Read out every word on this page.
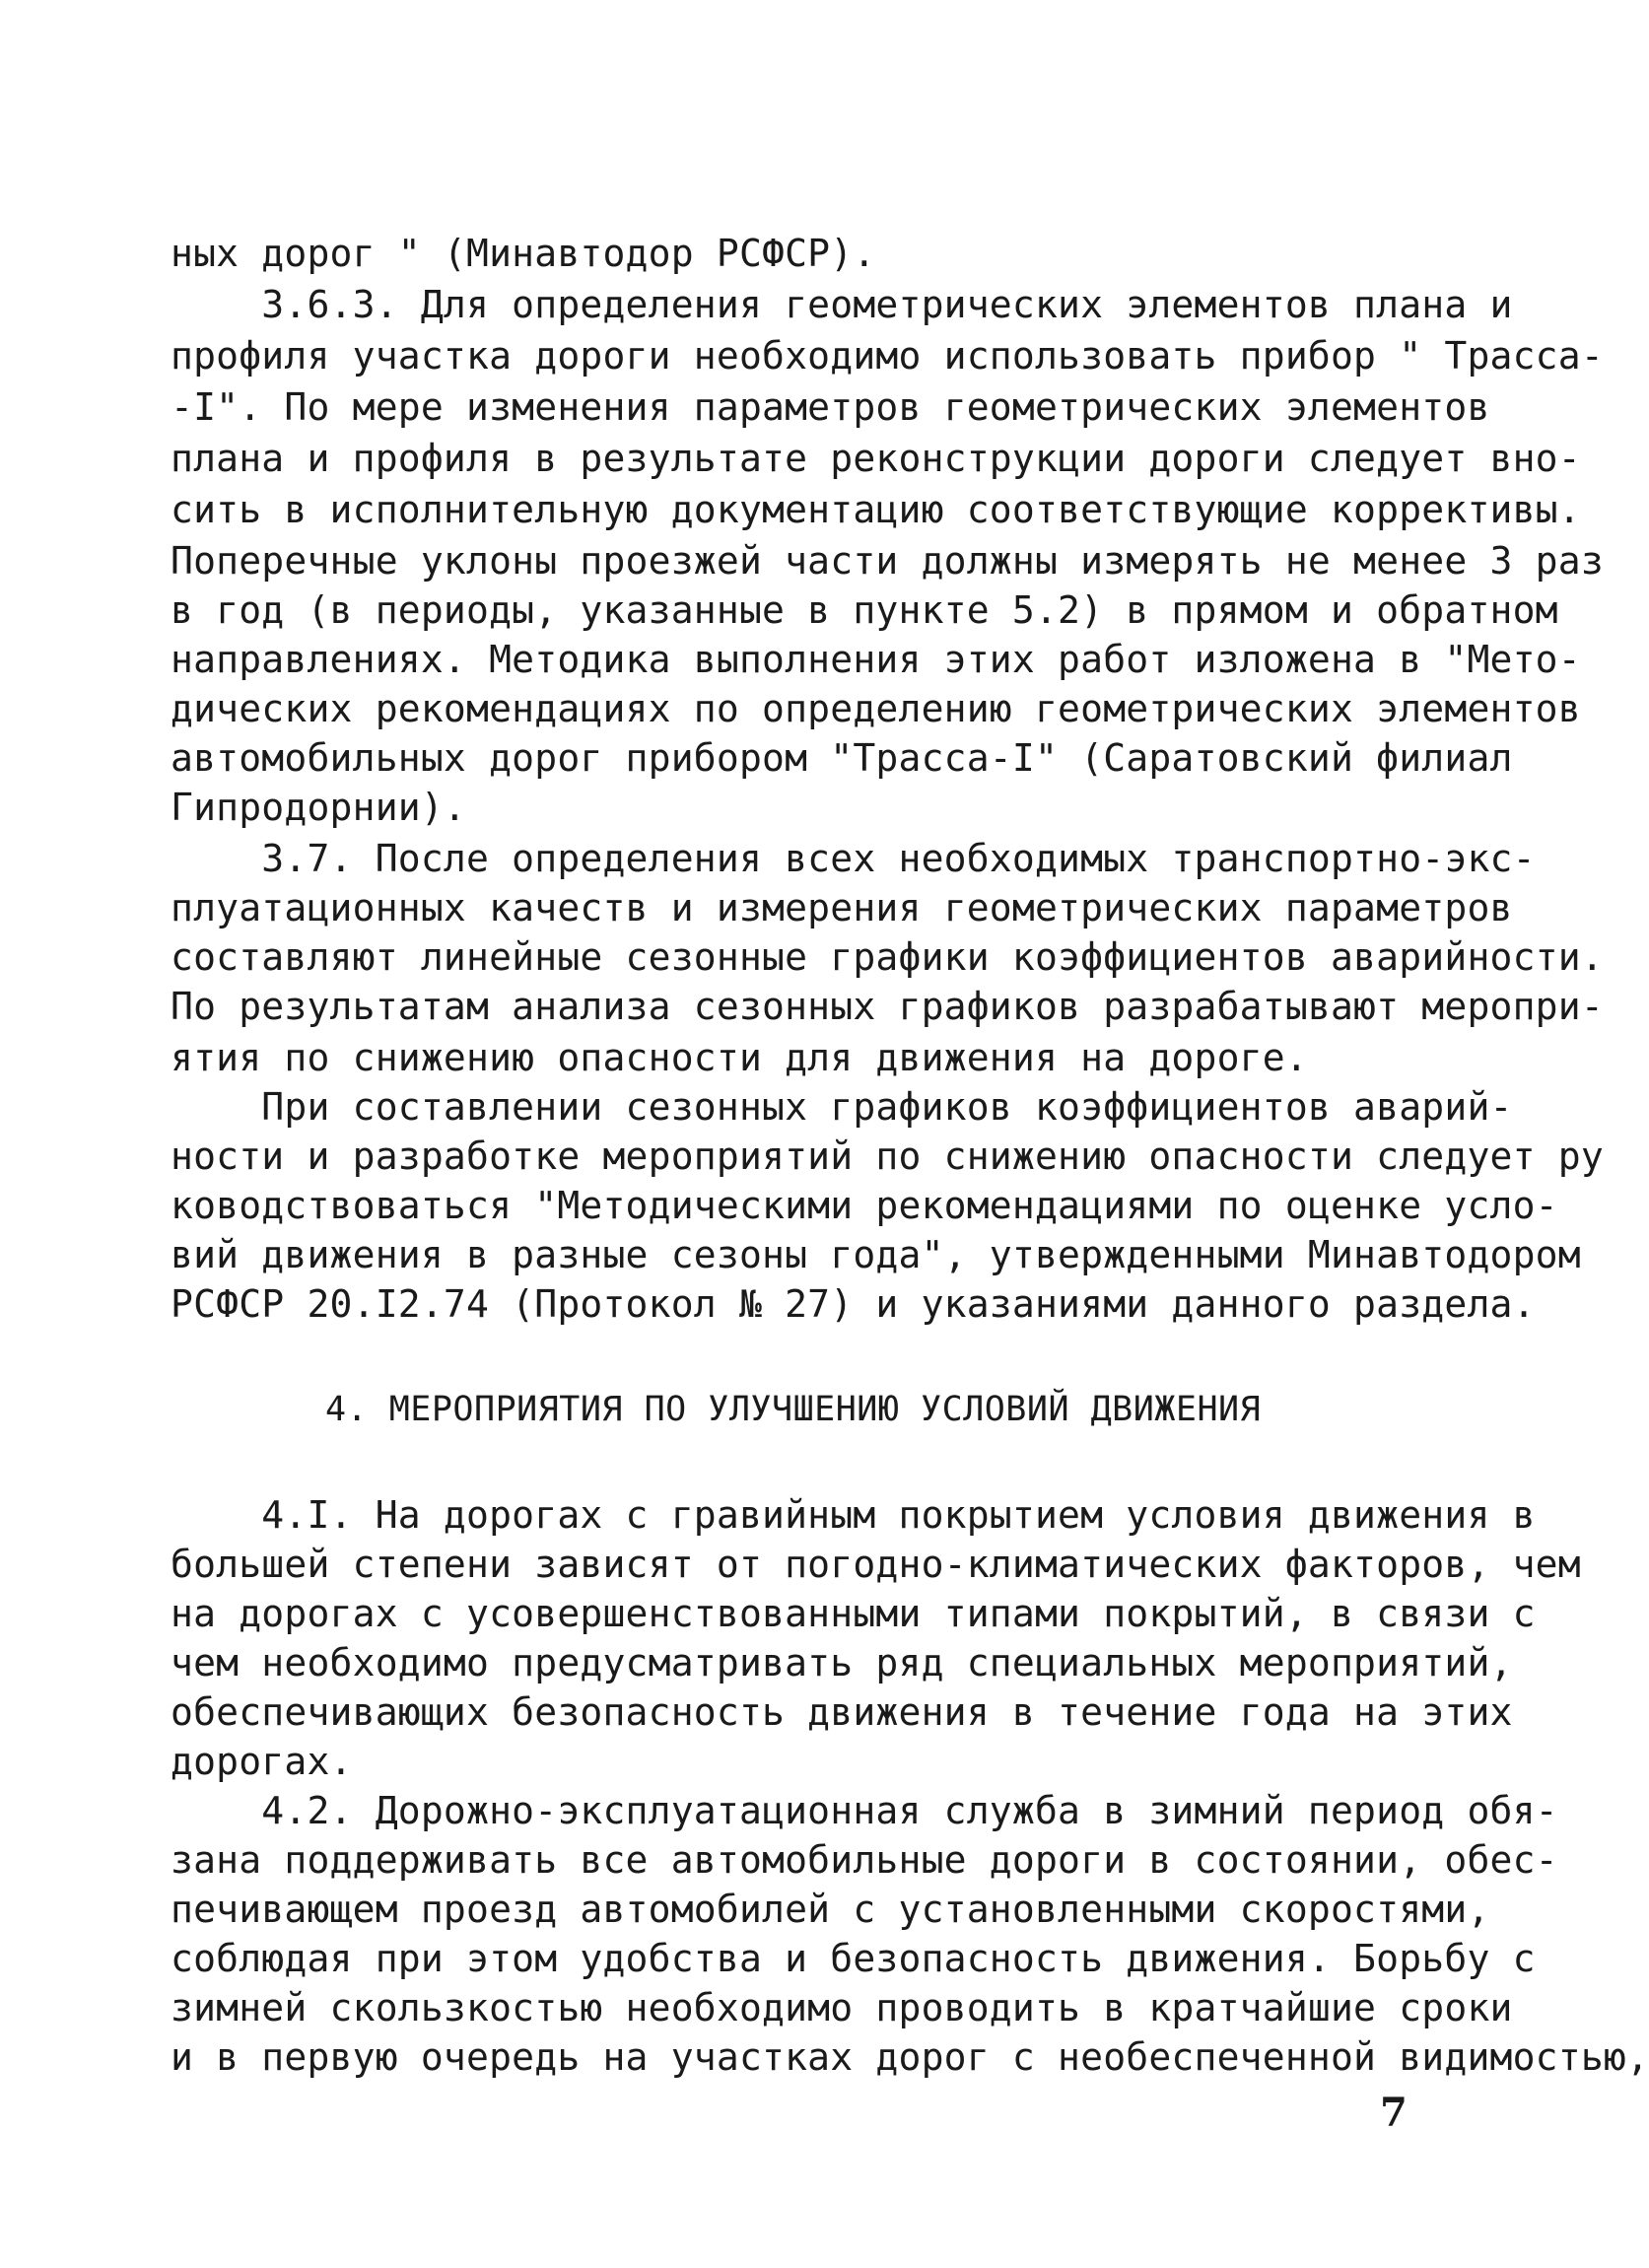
ных дорог " (Минавтодор РСФСР).
3.6.3. Для определения геометрических элементов плана и
профиля участка дороги необходимо использовать прибор " Трасса-
-I". По мере изменения параметров геометрических элементов
плана и профиля в результате реконструкции дороги следует вно-
сить в исполнительную документацию соответствующие коррективы.
Поперечные уклоны проезжей части должны измерять не менее 3 раз
в год (в периоды, указанные в пункте 5.2) в прямом и обратном
направлениях. Методика выполнения этих работ изложена в "Мето-
дических рекомендациях по определению геометрических элементов
автомобильных дорог прибором "Трасса-I" (Саратовский филиал
Гипродорнии).
3.7. После определения всех необходимых транспортно-экс-
плуатационных качеств и измерения геометрических параметров
составляют линейные сезонные графики коэффициентов аварийности.
По результатам анализа сезонных графиков разрабатывают меропри-
ятия по снижению опасности для движения на дороге.
При составлении сезонных графиков коэффициентов аварий-
ности и разработке мероприятий по снижению опасности следует ру
ководствоваться "Методическими рекомендациями по оценке усло-
вий движения в разные сезоны года", утвержденными Минавтодором
РСФСР 20.I2.74 (Протокол № 27) и указаниями данного раздела.
4. МЕРОПРИЯТИЯ ПО УЛУЧШЕНИЮ УСЛОВИЙ ДВИЖЕНИЯ
4.I. На дорогах с гравийным покрытием условия движения в
большей степени зависят от погодно-климатических факторов, чем
на дорогах с усовершенствованными типами покрытий, в связи с
чем необходимо предусматривать ряд специальных мероприятий,
обеспечивающих безопасность движения в течение года на этих
дорогах.
4.2. Дорожно-эксплуатационная служба в зимний период обя-
зана поддерживать все автомобильные дороги в состоянии, обес-
печивающем проезд автомобилей с установленными скоростями,
соблюдая при этом удобства и безопасность движения. Борьбу с
зимней скользкостью необходимо проводить в кратчайшие сроки
и в первую очередь на участках дорог с необеспеченной видимостью,
7
